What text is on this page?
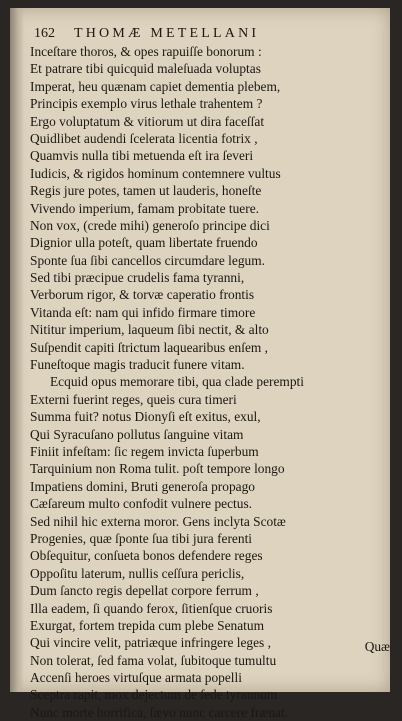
162 THOMÆ METELLANI
Inceſtare thoros, & opes rapuiſſe bonorum :
Et patrare tibi quicquid maleſuada voluptas
Imperat, heu quænam capiet dementia plebem,
Principis exemplo virus lethale trahentem ?
Ergo voluptatum & vitiorum ut dira faceſſat
Quidlibet audendi ſcelerata licentia fotrix ,
Quamvis nulla tibi metuenda eſt ira ſeveri
Iudicis, & rigidos hominum contemnere vultus
Regis jure potes, tamen ut lauderis, honeſte
Vivendo imperium, famam probitate tuere.
Non vox, (crede mihi) generoſo principe dici
Dignior ulla poteſt, quam libertate fruendo
Sponte ſua ſibi cancellos circumdare legum.
Sed tibi præcipue crudelis fama tyranni,
Verborum rigor, & torvæ caperatio frontis
Vitanda eſt: nam qui infido firmare timore
Nititur imperium, laqueum ſibi nectit, & alto
Suſpendit capiti ſtrictum laquearibus enſem ,
Funeſtoque magis traducit funere vitam.
Ecquid opus memorare tibi, qua clade perempti
Externi fuerint reges, queis cura timeri
Summa fuit? notus Dionyſi eſt exitus, exul,
Qui Syracuſano pollutus ſanguine vitam
Finiit infeſtam: ſic regem invicta ſuperbum
Tarquinium non Roma tulit. poſt tempore longo
Impatiens domini, Bruti generoſa propago
Cæſareum multo confodit vulnere pectus.
Sed nihil hic externa moror. Gens inclyta Scotæ
Progenies, quæ ſponte ſua tibi jura ferenti
Obſequitur, conſueta bonos defendere reges
Oppoſitu laterum, nullis ceſſura periclis,
Dum ſancto regis depellat corpore ferrum ,
Illa eadem, ſi quando ferox, ſitienſque cruoris
Exurgat, fortem trepida cum plebe Senatum
Qui vincire velit, patriæque infringere leges ,
Non tolerat, ſed fama volat, ſubitoque tumultu
Accenſi heroes virtuſque armata popelli
Sceptra rapit, mox dejectum de ſede tyrannum
Nunc morte horrifica, ſævo nunc carcere frænat.
Quæ
